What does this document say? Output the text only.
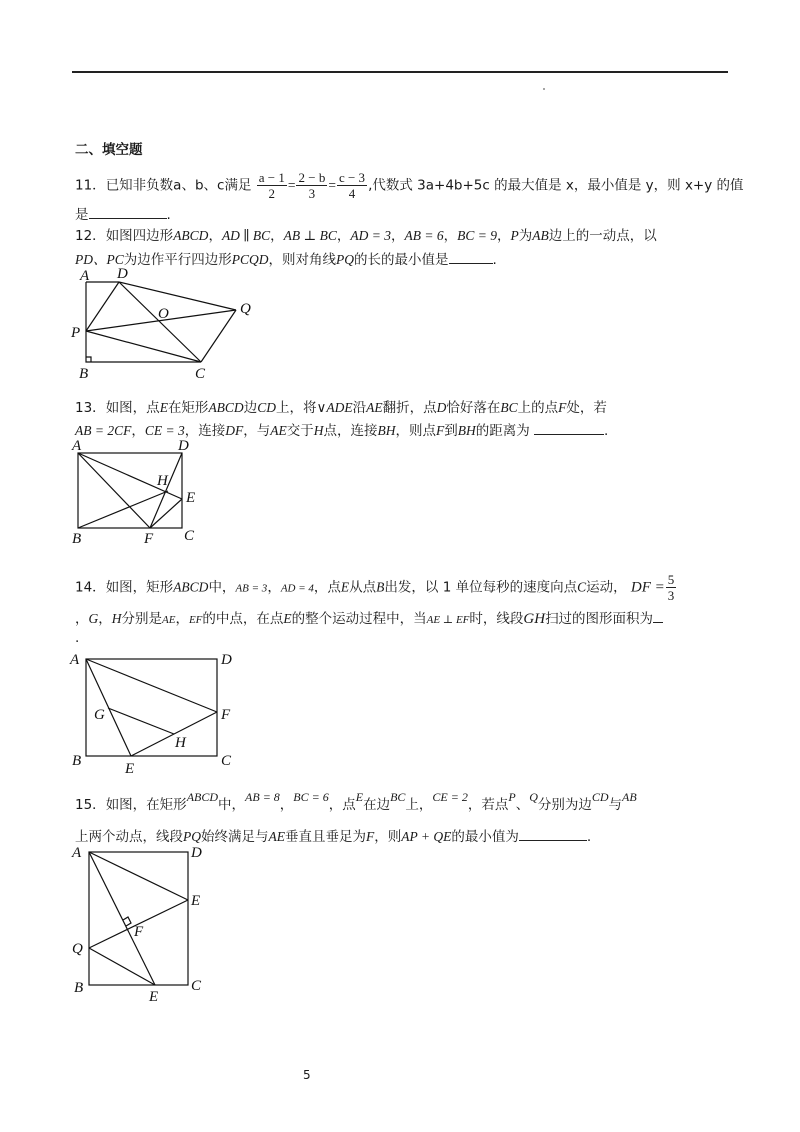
二、填空题
11．已知非负数a、b、c满足 $\frac{a - 1}{2} = \frac{2 - b}{3} = \frac{c - 3}{4}$ ,代数式 3a+4b+5c 的最大值是 x，最小值是 y，则 x+y 的值
是	.
12．如图四边形ABCD，AD ∥ BC，AB ⊥ BC，AD = 3，AB = 6，BC = 9，P为AB边上的一动点，以
PD、PC为边作平行四边形PCQD，则对角线PQ的长的最小值是	.
13．如图，点E在矩形ABCD边CD上，将∨ADE沿AE翻折，点D恰好落在BC上的点F处，若
AB = 2CF，CE = 3，连接DF，与AE交于H点，连接BH，则点F到BH的距离为	.
14．如图，矩形ABCD中，AB = 3，AD = 4，点E从点B出发，以 1 单位每秒的速度向点C运动， DF = $\frac{5}{3}$
，G，H分别是AE，EF的中点，在点E的整个运动过程中，当AE ⊥ EF时，线段GH扫过的图形面积为
.
15．如图，在矩形ABCD中，AB = 8，BC = 6，点E在边BC上，CE = 2，若点P、Q分别为边CD与AB
上两个动点，线段PQ始终满足与AE垂直且垂足为F，则AP + QE的最小值为	.
A D
Q
O
P
B	C
A	D
H
E
B	F C
A	D
G	F
H
B	E	C
A	D
E
F
Q
B
E
C
5
